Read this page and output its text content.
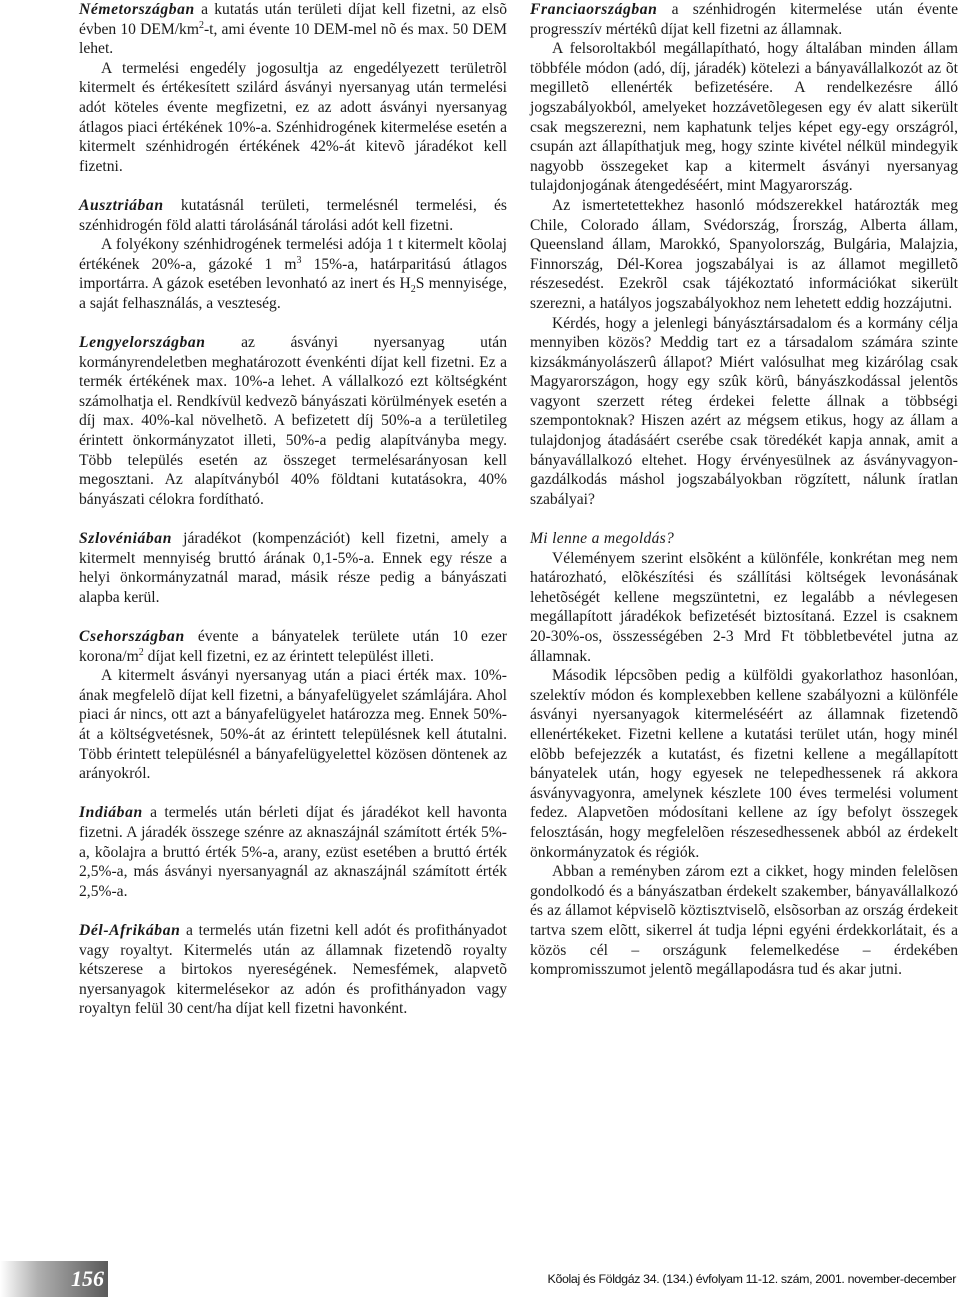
Németországban a kutatás után területi díjat kell fizetni, az elsõ évben 10 DEM/$km^2-t$, ami évente 10 DEM-mel nõ és max. 50 DEM lehet.

A termelési engedély jogosultja az engedélyezett területrõl kitermelt és értékesített szilárd ásványi nyersanyag után termelési adót köteles évente megfizetni, ez az adott ásványi nyersanyag átlagos piaci értékének 10%-a. Szénhidrogének kitermelése esetén a kitermelt szénhidrogén értékének 42%-át kitevõ járadékot kell fizetni.

Ausztriában kutatásnál területi, termelésnél termelési, és szénhidrogén föld alatti tárolásánál tárolási adót kell fizetni.

A folyékony szénhidrogének termelési adója 1 t kitermelt kõolaj értékének 20%-a, gázoké 1 $m^3$ 15%-a, határparitású átlagos importárra. A gázok esetében levonható az inert és $H_2S$ mennyisége, a saját felhasználás, a veszteség.

Lengyelországban az ásványi nyersanyag után kormányrendeletben meghatározott évenkénti díjat kell fizetni. Ez a termék értékének max. 10%-a lehet. A vállalkozó ezt költségként számolhatja el. Rendkívül kedvezõ bányászati körülmények esetén a díj max. 40%-kal növelhetõ. A befizetett díj 50%-a a területileg érintett önkormányzatot illeti, 50%-a pedig alapítványba megy. Több település esetén az összeget termelésarányosan kell megosztani. Az alapítványból 40% földtani kutatásokra, 40% bányászati célokra fordítható.

Szlovéniában járadékot (kompenzációt) kell fizetni, amely a kitermelt mennyiség bruttó árának 0,1-5%-a. Ennek egy része a helyi önkormányzatnál marad, másik része pedig a bányászati alapba kerül.

Csehországban évente a bányatelek területe után 10 ezer korona/$m^2$ díjat kell fizetni, ez az érintett települést illeti.

A kitermelt ásványi nyersanyag után a piaci érték max. 10%-ának megfelelõ díjat kell fizetni, a bányafelügyelet számlájára. Ahol piaci ár nincs, ott azt a bányafelügyelet határozza meg. Ennek 50%-át a költségvetésnek, 50%-át az érintett településnek kell átutalni. Több érintett településnél a bányafelügyelettel közösen döntenek az arányokról.

Indiában a termelés után bérleti díjat és járadékot kell havonta fizetni. A járadék összege szénre az aknaszájnál számított érték 5%-a, kõolajra a bruttó érték 5%-a, arany, ezüst esetében a bruttó érték 2,5%-a, más ásványi nyersanyagnál az aknaszájnál számított érték 2,5%-a.

Dél-Afrikában a termelés után fizetni kell adót és profithányadot vagy royaltyt. Kitermelés után az államnak fizetendõ royalty kétszerese a birtokos nyereségének. Nemesfémek, alapvetõ nyersanyagok kitermelésekor az adón és profithányadon vagy royaltyn felül 30 cent/ha díjat kell fizetni havonként.

Franciaországban a szénhidrogén kitermelése után évente progresszív mértékû díjat kell fizetni az államnak.

A felsoroltakból megállapítható, hogy általában minden állam többféle módon (adó, díj, járadék) kötelezi a bányavállalkozót az õt megilletõ ellenérték befizetésére. A rendelkezésre álló jogszabályokból, amelyeket hozzávetõlegesen egy év alatt sikerült csak megszerezni, nem kaphatunk teljes képet egy-egy országról, csupán azt állapíthatjuk meg, hogy szinte kivétel nélkül mindegyik nagyobb összegeket kap a kitermelt ásványi nyersanyag tulajdonjogának átengedéséért, mint Magyarország.

Az ismertetettekhez hasonló módszerekkel határozták meg Chile, Colorado állam, Svédország, Írország, Alberta állam, Queensland állam, Marokkó, Spanyolország, Bulgária, Malajzia, Finnország, Dél-Korea jogszabályai is az államot megilletõ részesedést. Ezekrõl csak tájékoztató információkat sikerült szerezni, a hatályos jogszabályokhoz nem lehetett eddig hozzájutni.

Kérdés, hogy a jelenlegi bányásztársadalom és a kormány célja mennyiben közös? Meddig tart ez a társadalom számára szinte kizsákmányolászerû állapot? Miért valósulhat meg kizárólag csak Magyarországon, hogy egy szûk körû, bányászkodással jelentõs vagyont szerzett réteg érdekei felette állnak a többségi szempontoknak? Hiszen azért az mégsem etikus, hogy az állam a tulajdonjog átadásáért cserébe csak töredékét kapja annak, amit a bányavállalkozó eltehet. Hogy érvényesülnek az ásványvagyon-gazdálkodás máshol jogszabályokban rögzített, nálunk íratlan szabályai?

Mi lenne a megoldás?

Véleményem szerint elsõként a különféle, konkrétan meg nem határozható, elõkészítési és szállítási költségek levonásának lehetõségét kellene megszüntetni, ez legalább a névlegesen megállapított járadékok befizetését biztosítaná. Ezzel is csaknem 20-30%-os, összességében 2-3 Mrd Ft többletbevétel jutna az államnak.

Második lépcsõben pedig a külföldi gyakorlathoz hasonlóan, szelektív módon és komplexebben kellene szabályozni a különféle ásványi nyersanyagok kitermeléséért az államnak fizetendõ ellenértékeket. Fizetni kellene a kutatási terület után, hogy minél elõbb befejezzék a kutatást, és fizetni kellene a megállapított bányatelek után, hogy egyesek ne telepedhessenek rá akkora ásványvagyonra, amelynek készlete 100 éves termelési volument fedez. Alapvetõen módosítani kellene az így befolyt összegek felosztásán, hogy megfelelõen részesedhessenek abból az érdekelt önkormányzatok és régiók.

Abban a reményben zárom ezt a cikket, hogy minden felelõsen gondolkodó és a bányászatban érdekelt szakember, bányavállalkozó és az államot képviselõ köztisztviselõ, elsõsorban az ország érdekeit tartva szem elõtt, sikerrel át tudja lépni egyéni érdekkorlátait, és a közös cél – országunk felemelkedése – érdekében kompromisszumot jelentõ megállapodásra tud és akar jutni.

156	Kõolaj és Földgáz 34. (134.) évfolyam 11-12. szám, 2001. november-december
